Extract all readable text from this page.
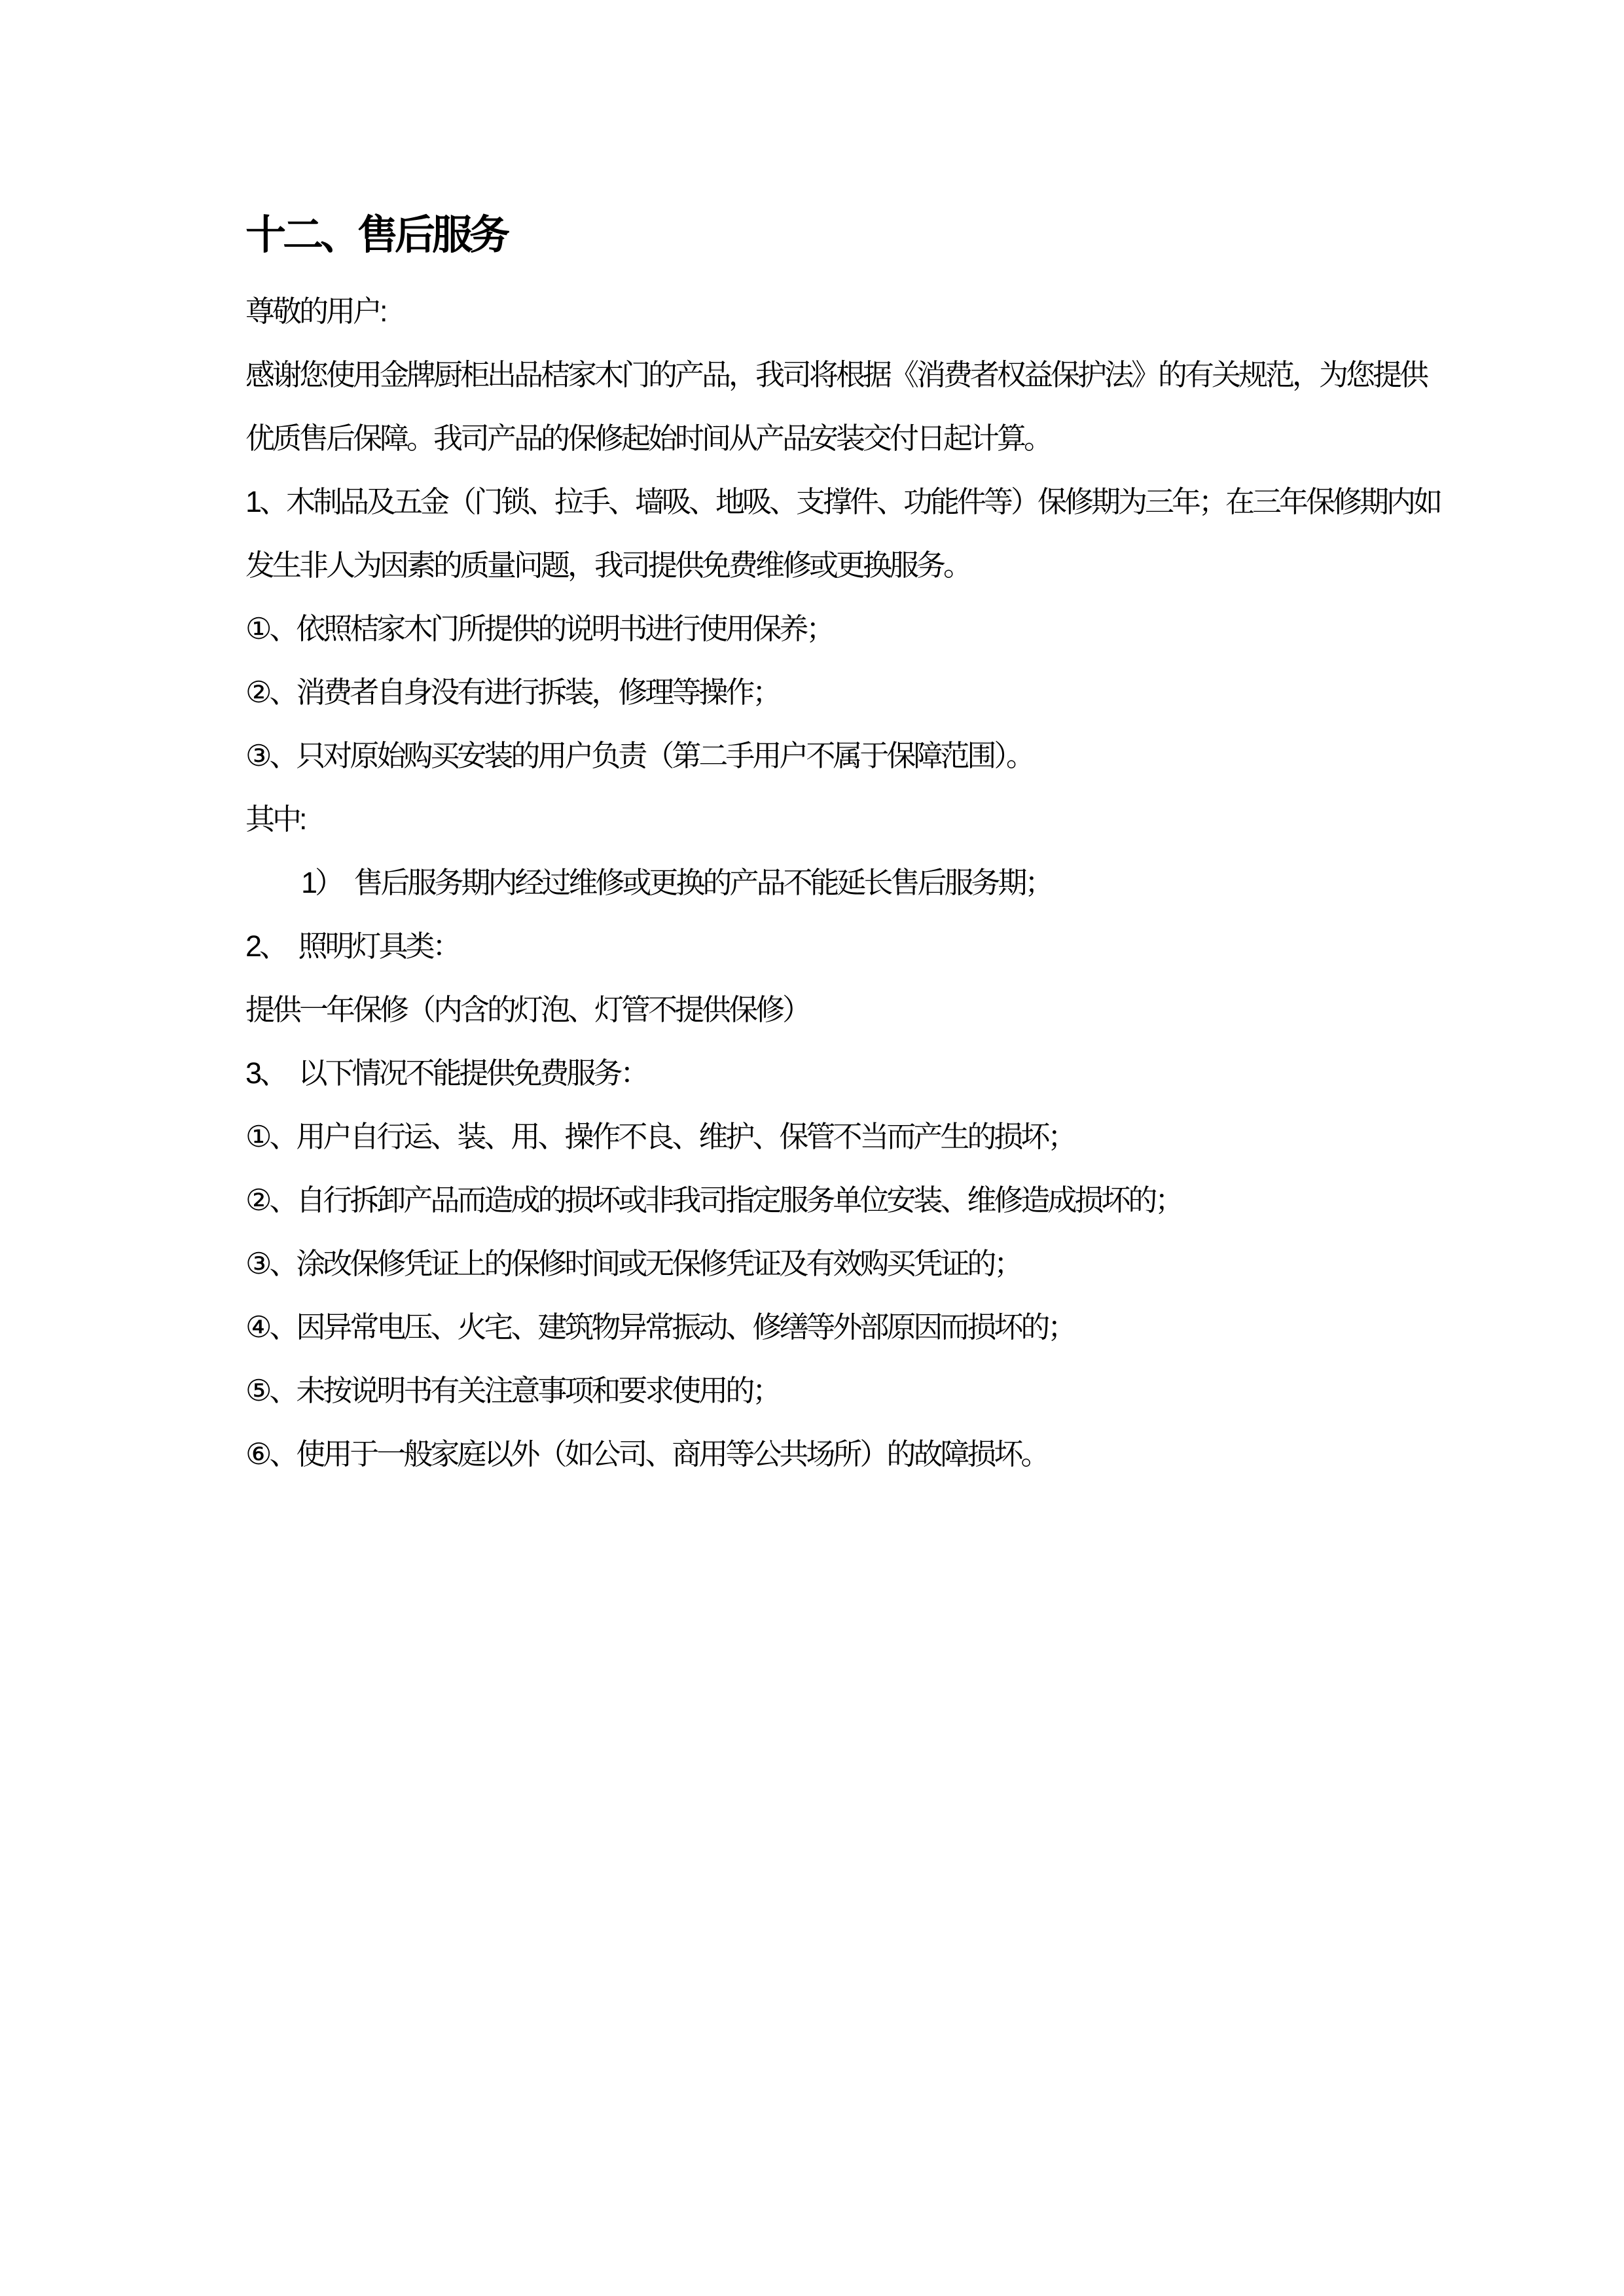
十二、售后服务

尊敬的用户:

感谢您使用金牌厨柜出品桔家木门的产品，我司将根据《消费者权益保护法》的有关规范，为您提供

优质售后保障。我司产品的保修起始时间从产品安装交付日起计算。

1、木制品及五金（门锁、拉手、墙吸、地吸、支撑件、功能件等）保修期为三年；在三年保修期内如

发生非人为因素的质量问题，我司提供免费维修或更换服务。

①、依照桔家木门所提供的说明书进行使用保养；

②、消费者自身没有进行拆装，修理等操作；

③、只对原始购买安装的用户负责（第二手用户不属于保障范围）。

其中:

1）　售后服务期内经过维修或更换的产品不能延长售后服务期；

2、　照明灯具类：

提供一年保修（内含的灯泡、灯管不提供保修）

3、　以下情况不能提供免费服务：

①、用户自行运、装、用、操作不良、维护、保管不当而产生的损坏；

②、自行拆卸产品而造成的损坏或非我司指定服务单位安装、维修造成损坏的；

③、涂改保修凭证上的保修时间或无保修凭证及有效购买凭证的；

④、因异常电压、火宅、建筑物异常振动、修缮等外部原因而损坏的；

⑤、未按说明书有关注意事项和要求使用的；

⑥、使用于一般家庭以外（如公司、商用等公共场所）的故障损坏。
